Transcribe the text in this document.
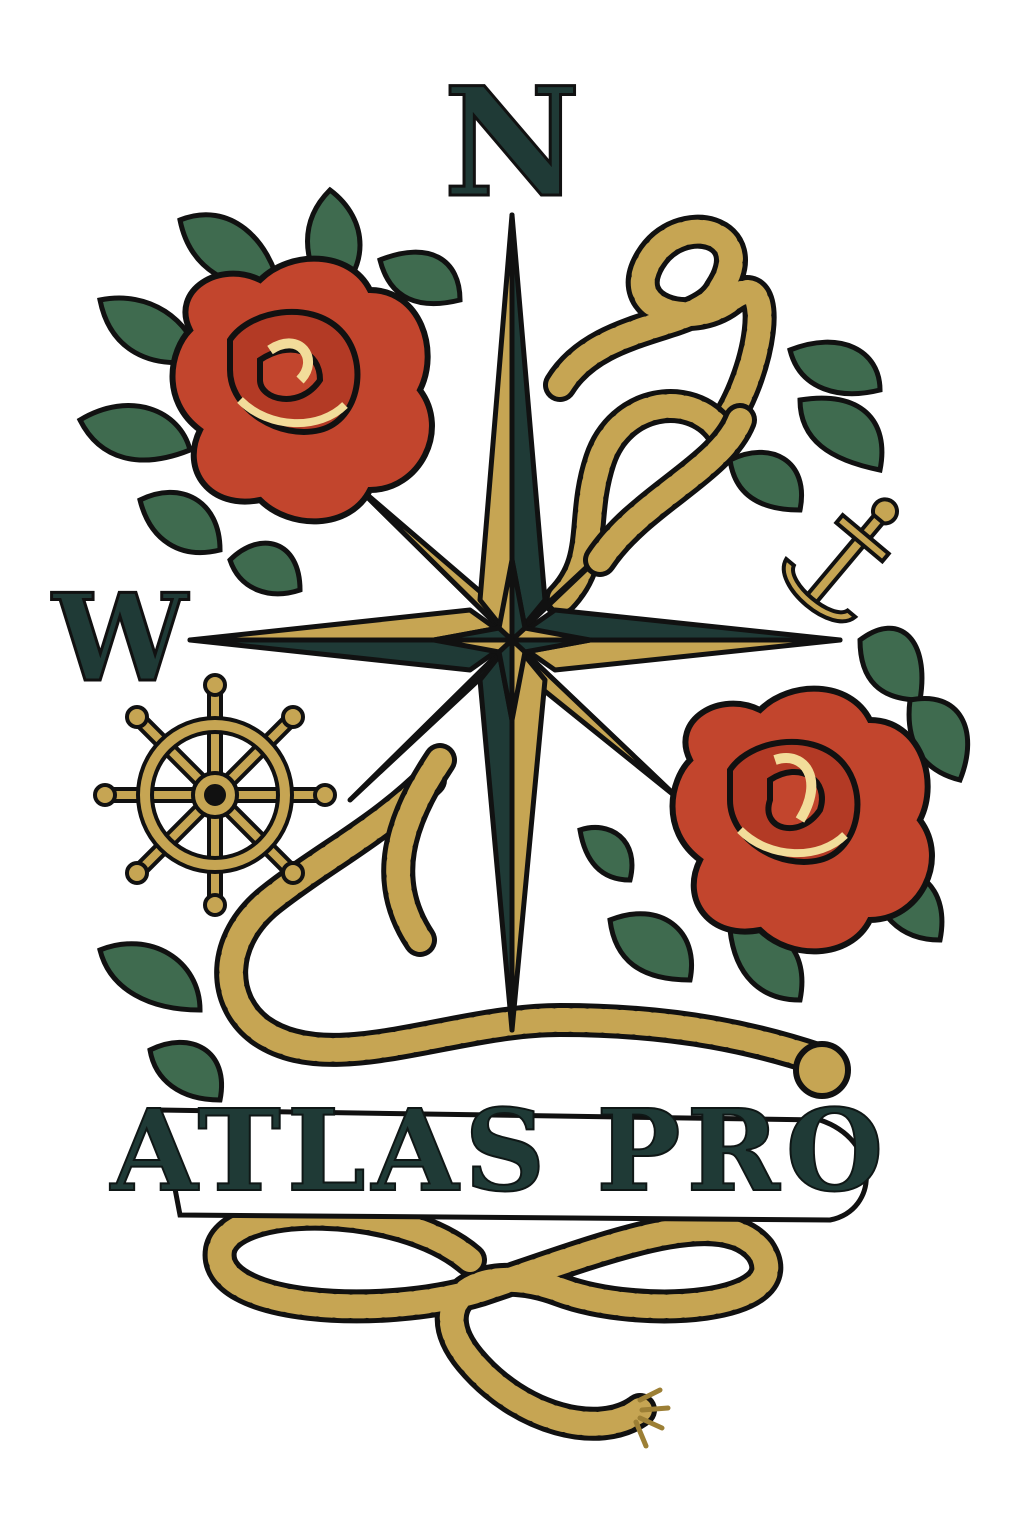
N
W
ATLAS PRO
